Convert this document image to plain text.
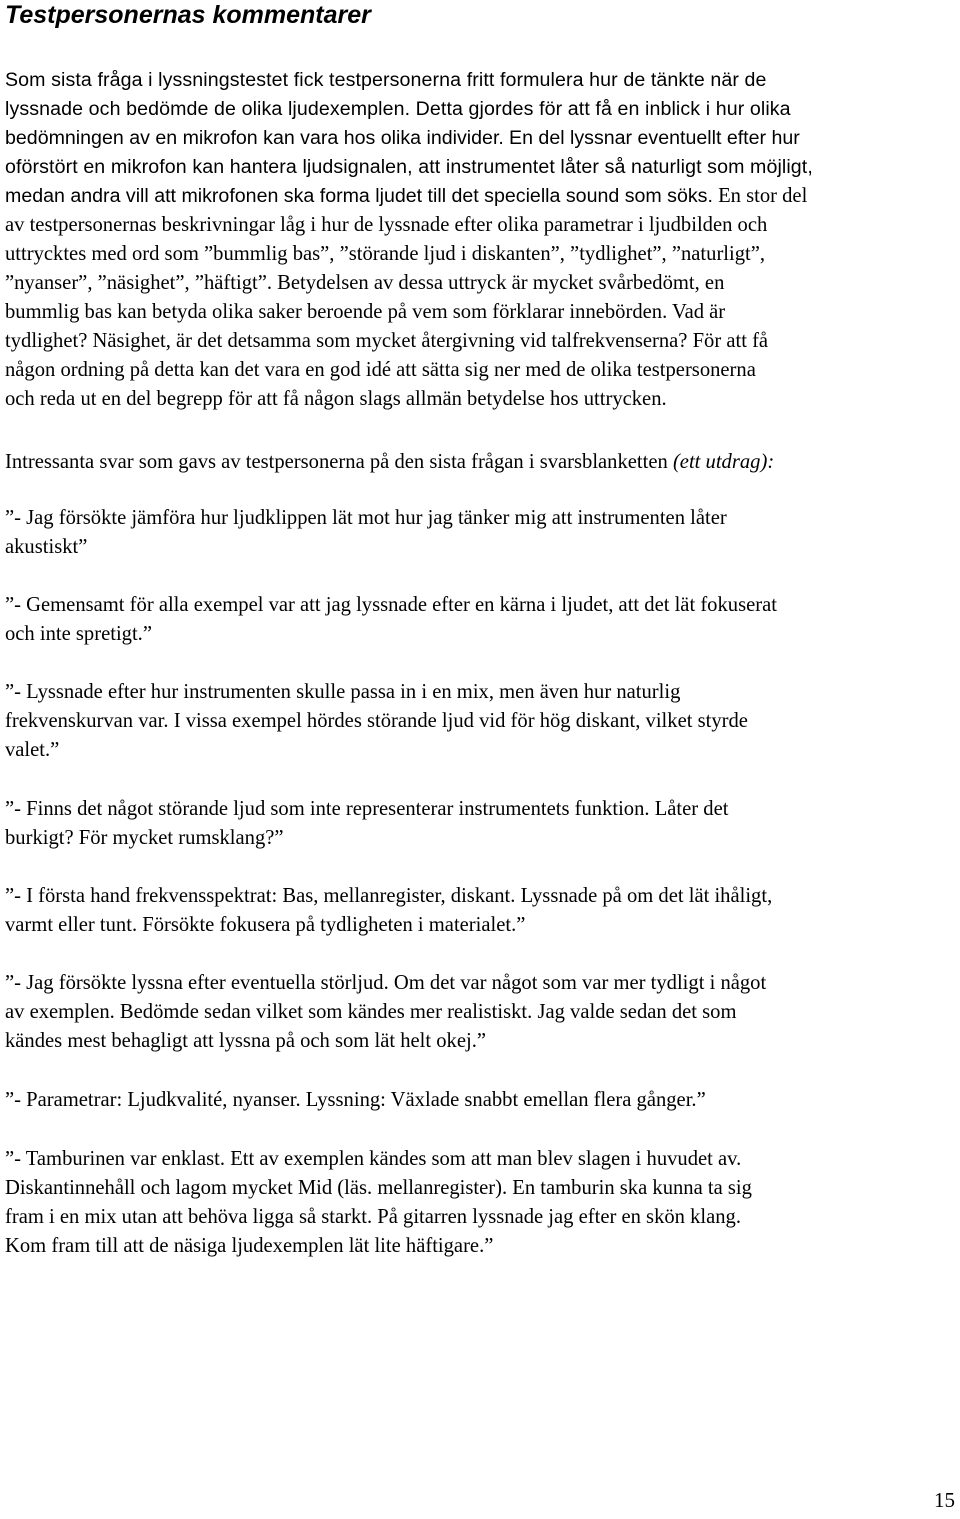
Testpersonernas kommentarer

Som sista fråga i lyssningstestet fick testpersonerna fritt formulera hur de tänkte när de
lyssnade och bedömde de olika ljudexemplen. Detta gjordes för att få en inblick i hur olika
bedömningen av en mikrofon kan vara hos olika individer. En del lyssnar eventuellt efter hur
oförstört en mikrofon kan hantera ljudsignalen, att instrumentet låter så naturligt som möjligt,
medan andra vill att mikrofonen ska forma ljudet till det speciella sound som söks. En stor del
av testpersonernas beskrivningar låg i hur de lyssnade efter olika parametrar i ljudbilden och
uttrycktes med ord som ”bummlig bas”, ”störande ljud i diskanten”, ”tydlighet”, ”naturligt”,
”nyanser”, ”näsighet”, ”häftigt”. Betydelsen av dessa uttryck är mycket svårbedömt, en
bummlig bas kan betyda olika saker beroende på vem som förklarar innebörden. Vad är
tydlighet? Näsighet, är det detsamma som mycket återgivning vid talfrekvenserna? För att få
någon ordning på detta kan det vara en god idé att sätta sig ner med de olika testpersonerna
och reda ut en del begrepp för att få någon slags allmän betydelse hos uttrycken.

Intressanta svar som gavs av testpersonerna på den sista frågan i svarsblanketten (ett utdrag):

”- Jag försökte jämföra hur ljudklippen lät mot hur jag tänker mig att instrumenten låter
akustiskt”

”- Gemensamt för alla exempel var att jag lyssnade efter en kärna i ljudet, att det lät fokuserat
och inte spretigt.”

”- Lyssnade efter hur instrumenten skulle passa in i en mix, men även hur naturlig
frekvenskurvan var. I vissa exempel hördes störande ljud vid för hög diskant, vilket styrde
valet.”

”- Finns det något störande ljud som inte representerar instrumentets funktion. Låter det
burkigt? För mycket rumsklang?”

”- I första hand frekvensspektrat: Bas, mellanregister, diskant. Lyssnade på om det lät ihåligt,
varmt eller tunt. Försökte fokusera på tydligheten i materialet.”

”- Jag försökte lyssna efter eventuella störljud. Om det var något som var mer tydligt i något
av exemplen. Bedömde sedan vilket som kändes mer realistiskt. Jag valde sedan det som
kändes mest behagligt att lyssna på och som lät helt okej.”

”- Parametrar: Ljudkvalité, nyanser. Lyssning: Växlade snabbt emellan flera gånger.”

”- Tamburinen var enklast. Ett av exemplen kändes som att man blev slagen i huvudet av.
Diskantinnehåll och lagom mycket Mid (läs. mellanregister). En tamburin ska kunna ta sig
fram i en mix utan att behöva ligga så starkt. På gitarren lyssnade jag efter en skön klang.
Kom fram till att de näsiga ljudexemplen lät lite häftigare.”

15
